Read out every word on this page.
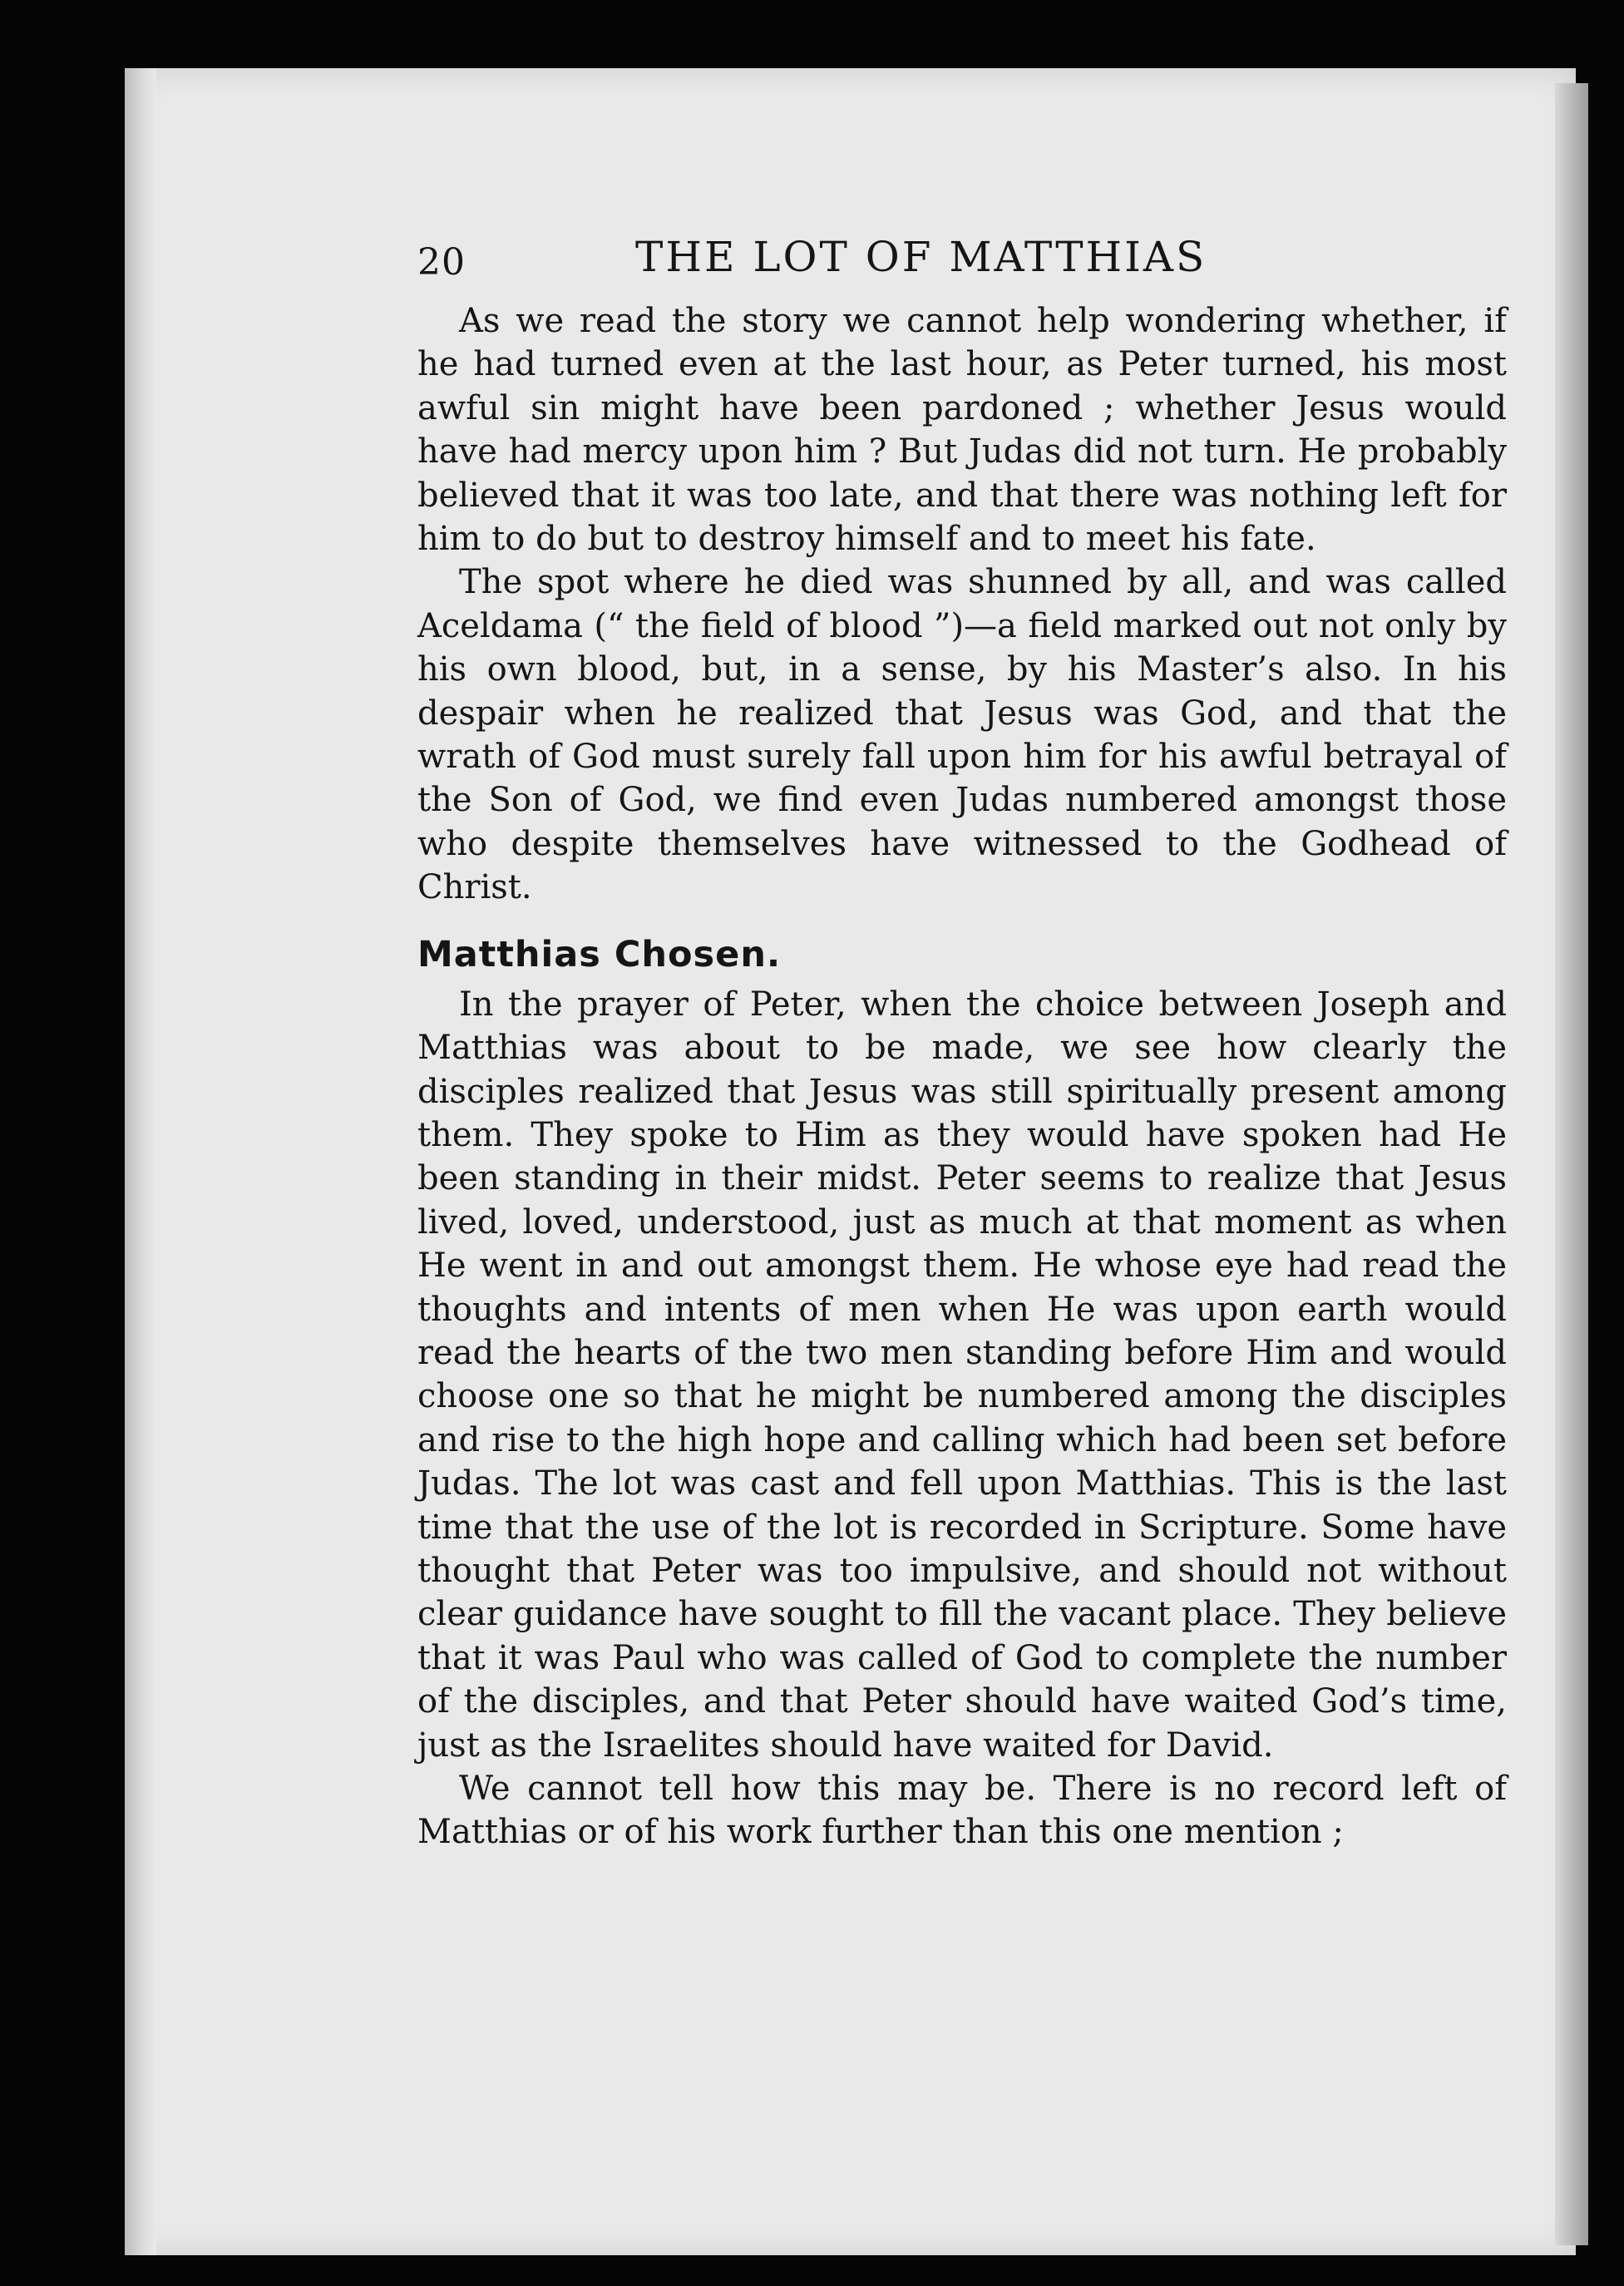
20	THE LOT OF MATTHIAS

As we read the story we cannot help wondering whether, if he had turned even at the last hour, as Peter turned, his most awful sin might have been pardoned ; whether Jesus would have had mercy upon him ? But Judas did not turn. He probably believed that it was too late, and that there was nothing left for him to do but to destroy himself and to meet his fate.

The spot where he died was shunned by all, and was called Aceldama (“ the field of blood ”)—a field marked out not only by his own blood, but, in a sense, by his Master’s also. In his despair when he realized that Jesus was God, and that the wrath of God must surely fall upon him for his awful betrayal of the Son of God, we find even Judas numbered amongst those who despite themselves have witnessed to the Godhead of Christ.

Matthias Chosen.

In the prayer of Peter, when the choice between Joseph and Matthias was about to be made, we see how clearly the disciples realized that Jesus was still spiritually present among them. They spoke to Him as they would have spoken had He been standing in their midst. Peter seems to realize that Jesus lived, loved, understood, just as much at that moment as when He went in and out amongst them. He whose eye had read the thoughts and intents of men when He was upon earth would read the hearts of the two men standing before Him and would choose one so that he might be numbered among the disciples and rise to the high hope and calling which had been set before Judas. The lot was cast and fell upon Matthias. This is the last time that the use of the lot is recorded in Scripture. Some have thought that Peter was too impulsive, and should not without clear guidance have sought to fill the vacant place. They believe that it was Paul who was called of God to complete the number of the disciples, and that Peter should have waited God’s time, just as the Israelites should have waited for David.

We cannot tell how this may be. There is no record left of Matthias or of his work further than this one mention ;
